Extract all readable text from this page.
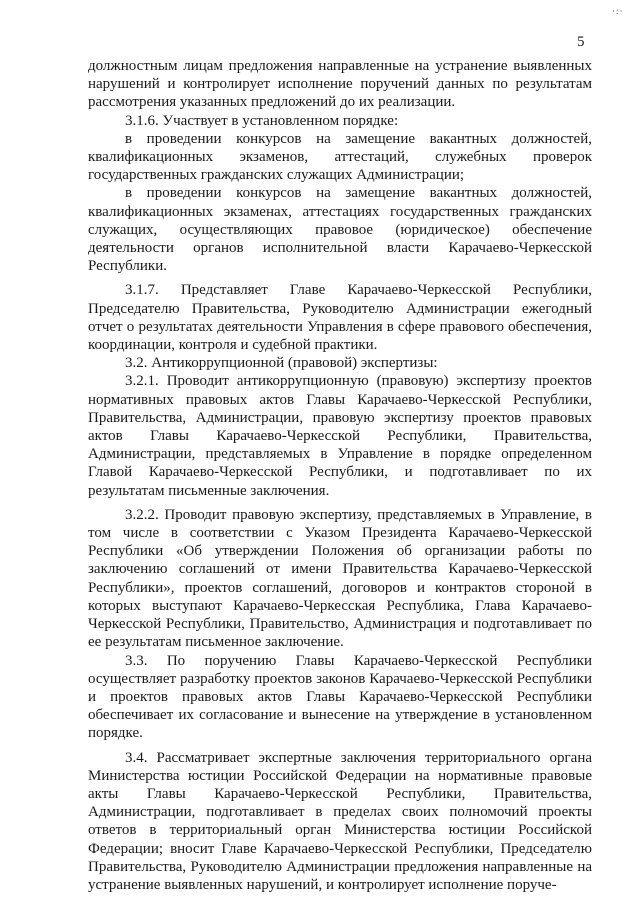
·:·
5

должностным лицам предложения направленные на устранение выявленных нарушений и контролирует исполнение поручений данных по результатам рассмотрения указанных предложений до их реализации.

3.1.6. Участвует в установленном порядке:

в проведении конкурсов на замещение вакантных должностей, квалификационных экзаменов, аттестаций, служебных проверок государственных гражданских служащих Администрации;

в проведении конкурсов на замещение вакантных должностей, квалификационных экзаменах, аттестациях государственных гражданских служащих, осуществляющих правовое (юридическое) обеспечение деятельности органов исполнительной власти Карачаево-Черкесской Республики.

3.1.7. Представляет Главе Карачаево-Черкесской Республики, Председателю Правительства, Руководителю Администрации ежегодный отчет о результатах деятельности Управления в сфере правового обеспечения, координации, контроля и судебной практики.

3.2. Антикоррупционной (правовой) экспертизы:

3.2.1. Проводит антикоррупционную (правовую) экспертизу проектов нормативных правовых актов Главы Карачаево-Черкесской Республики, Правительства, Администрации, правовую экспертизу проектов правовых актов Главы Карачаево-Черкесской Республики, Правительства, Администрации, представляемых в Управление в порядке определенном Главой Карачаево-Черкесской Республики, и подготавливает по их результатам письменные заключения.

3.2.2. Проводит правовую экспертизу, представляемых в Управление, в том числе в соответствии с Указом Президента Карачаево-Черкесской Республики «Об утверждении Положения об организации работы по заключению соглашений от имени Правительства Карачаево-Черкесской Республики», проектов соглашений, договоров и контрактов стороной в которых выступают Карачаево-Черкесская Республика, Глава Карачаево-Черкесской Республики, Правительство, Администрация и подготавливает по ее результатам письменное заключение.

3.3. По поручению Главы Карачаево-Черкесской Республики осуществляет разработку проектов законов Карачаево-Черкесской Республики и проектов правовых актов Главы Карачаево-Черкесской Республики обеспечивает их согласование и вынесение на утверждение в установленном порядке.

3.4. Рассматривает экспертные заключения территориального органа Министерства юстиции Российской Федерации на нормативные правовые акты Главы Карачаево-Черкесской Республики, Правительства, Администрации, подготавливает в пределах своих полномочий проекты ответов в территориальный орган Министерства юстиции Российской Федерации; вносит Главе Карачаево-Черкесской Республики, Председателю Правительства, Руководителю Администрации предложения направленные на устранение выявленных нарушений, и контролирует исполнение поруче-
